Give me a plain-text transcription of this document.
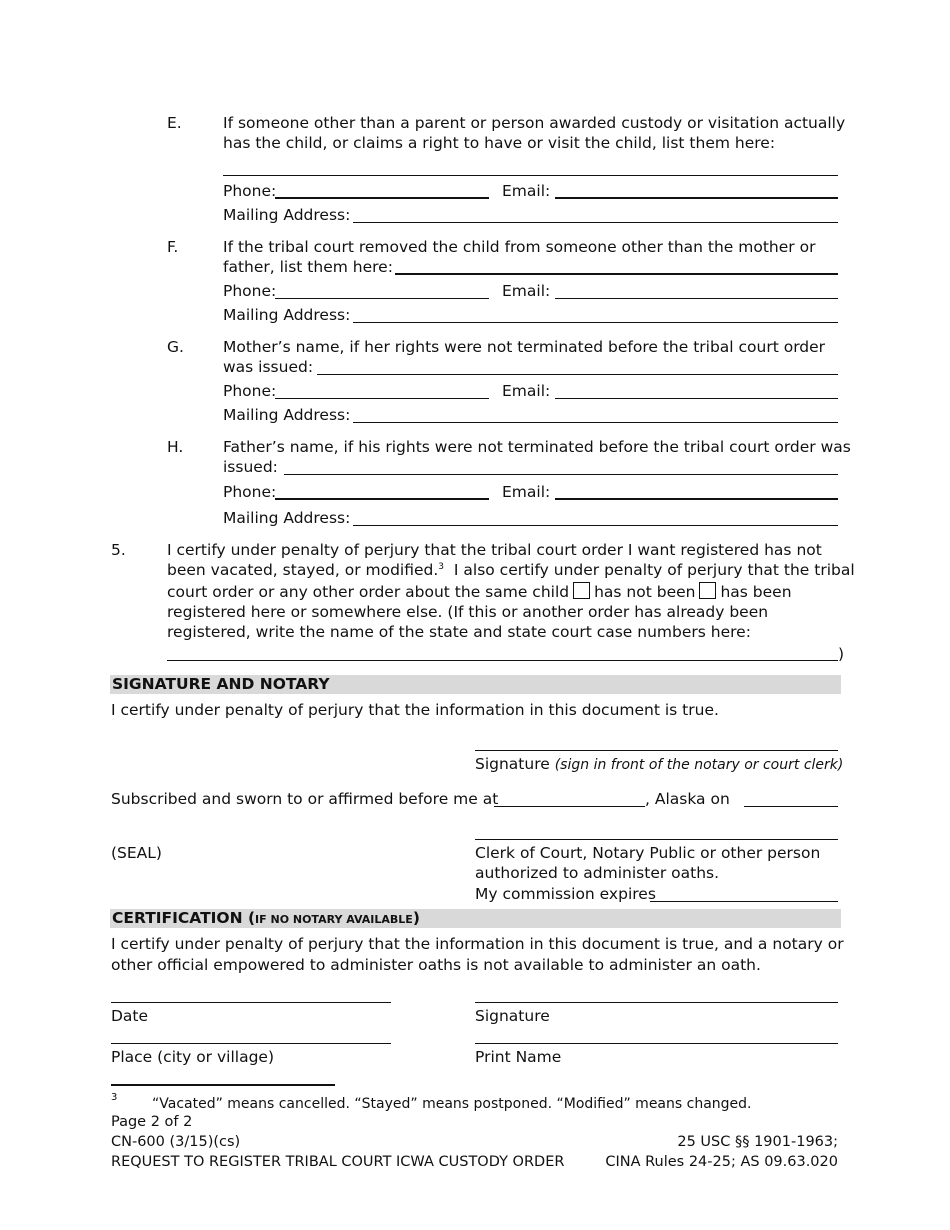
E.	If someone other than a parent or person awarded custody or visitation actually
has the child, or claims a right to have or visit the child, list them here:
Phone:	Email:
Mailing Address:
F.	If the tribal court removed the child from someone other than the mother or
father, list them here:
Phone:	Email:
Mailing Address:
G.	Mother’s name, if her rights were not terminated before the tribal court order
was issued:
Phone:	Email:
Mailing Address:
H.	Father’s name, if his rights were not terminated before the tribal court order was
issued:
Phone:	Email:
Mailing Address:
5.	I certify under penalty of perjury that the tribal court order I want registered has not
been vacated, stayed, or modified.$^3$  I also certify under penalty of perjury that the tribal
court order or any other order about the same child has not been has been
registered here or somewhere else. (If this or another order has already been
registered, write the name of the state and state court case numbers here:
)
SIGNATURE AND NOTARY
I certify under penalty of perjury that the information in this document is true.
Signature (sign in front of the notary or court clerk)
Subscribed and sworn to or affirmed before me at	, Alaska on
(SEAL)	Clerk of Court, Notary Public or other person
authorized to administer oaths.
My commission expires
CERTIFICATION (IF NO NOTARY AVAILABLE)
I certify under penalty of perjury that the information in this document is true, and a notary or
other official empowered to administer oaths is not available to administer an oath.
Date	Signature
Place (city or village)	Print Name
3 “Vacated” means cancelled. “Stayed” means postponed. “Modified” means changed.
Page 2 of 2
CN-600 (3/15)(cs)
REQUEST TO REGISTER TRIBAL COURT ICWA CUSTODY ORDER
25 USC §§ 1901-1963;
CINA Rules 24-25; AS 09.63.020
